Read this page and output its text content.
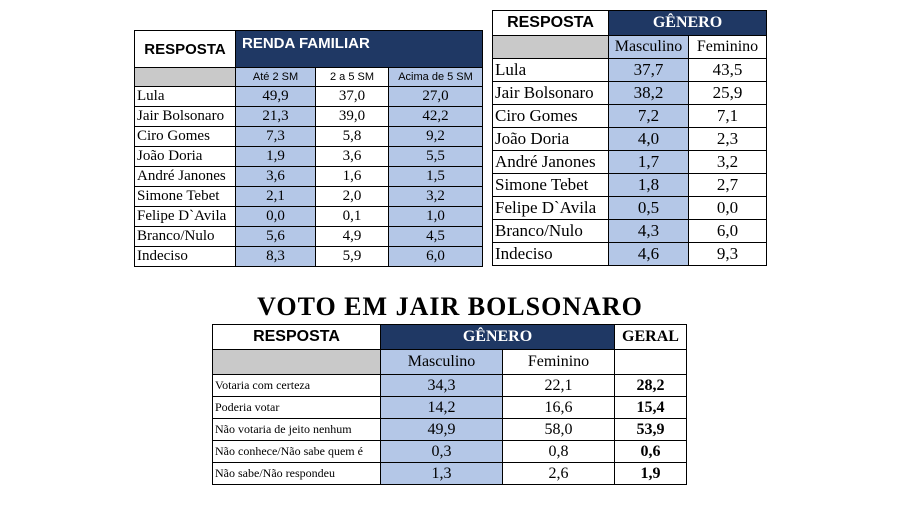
RESPOSTA	RENDA FAMILIAR		

	Até 2 SM	2 a 5 SM	Acima de 5 SM
Lula	49,9	37,0	27,0
Jair Bolsonaro	21,3	39,0	42,2
Ciro Gomes	7,3	5,8	9,2
João Doria	1,9	3,6	5,5
André Janones	3,6	1,6	1,5
Simone Tebet	2,1	2,0	3,2
Felipe D`Avila	0,0	0,1	1,0
Branco/Nulo	5,6	4,9	4,5
Indeciso	8,3	5,9	6,0
RESPOSTA	GÊNERO	
	Masculino	Feminino
Lula	37,7	43,5
Jair Bolsonaro	38,2	25,9
Ciro Gomes	7,2	7,1
João Doria	4,0	2,3
André Janones	1,7	3,2
Simone Tebet	1,8	2,7
Felipe D`Avila	0,5	0,0
Branco/Nulo	4,3	6,0
Indeciso	4,6	9,3
VOTO EM JAIR BOLSONARO
RESPOSTA	GÊNERO		GERAL
	Masculino	Feminino	
Votaria com certeza	34,3	22,1	28,2
Poderia votar	14,2	16,6	15,4
Não votaria de jeito nenhum	49,9	58,0	53,9
Não conhece/Não sabe quem é	0,3	0,8	0,6
Não sabe/Não respondeu	1,3	2,6	1,9
